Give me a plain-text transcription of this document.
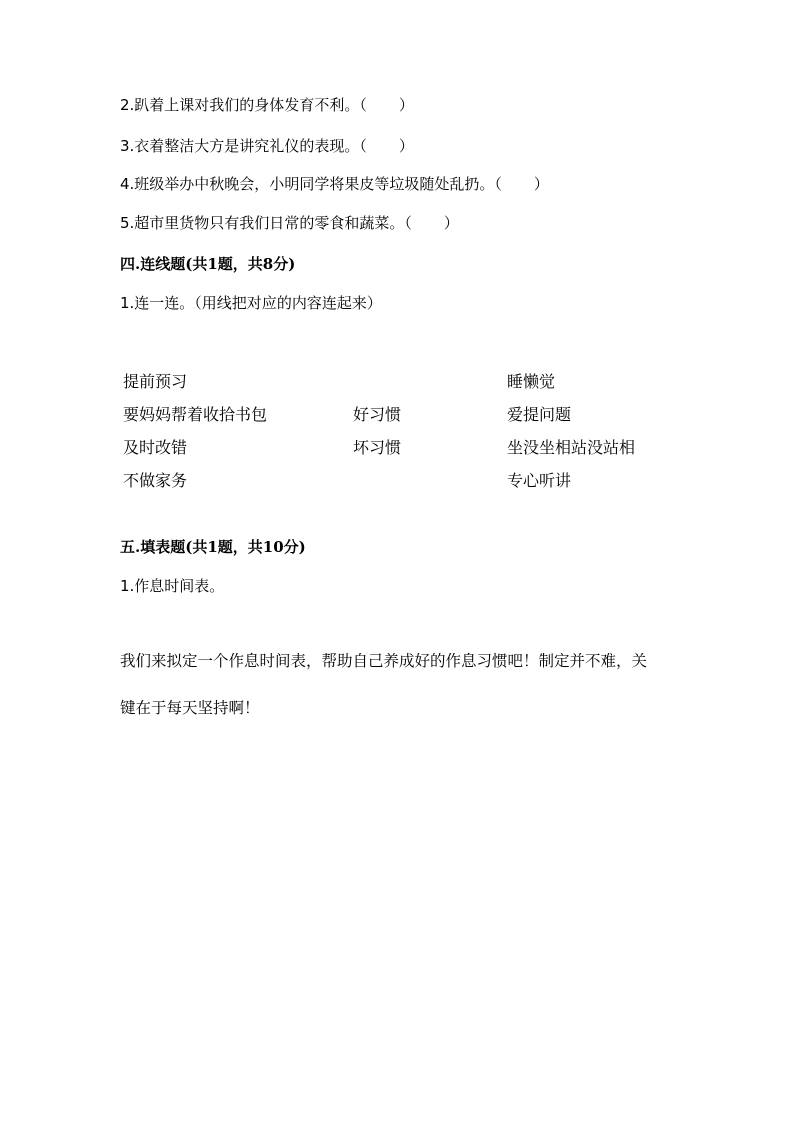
2.趴着上课对我们的身体发育不利。（ ）
3.衣着整洁大方是讲究礼仪的表现。（ ）
4.班级举办中秋晚会，小明同学将果皮等垃圾随处乱扔。（ ）
5.超市里货物只有我们日常的零食和蔬菜。（ ）
四.连线题(共1题，共8分)
1.连一连。（用线把对应的内容连起来）
提前预习
要妈妈帮着收拾书包
及时改错
不做家务
好习惯
坏习惯
睡懒觉
爱提问题
坐没坐相站没站相
专心听讲
五.填表题(共1题，共10分)
1.作息时间表。
我们来拟定一个作息时间表，帮助自己养成好的作息习惯吧！制定并不难，关
键在于每天坚持啊！
